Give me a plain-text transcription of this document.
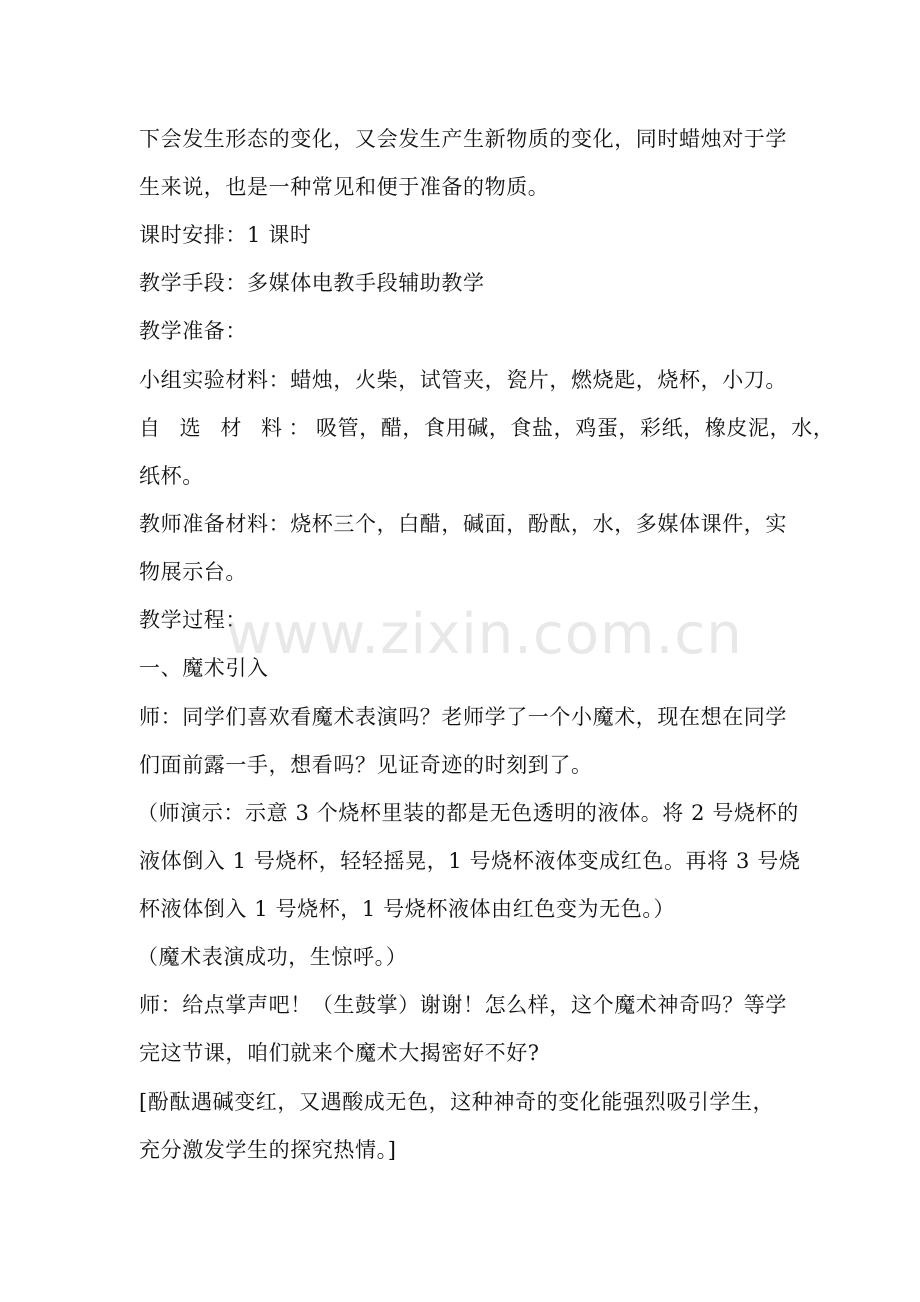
下会发生形态的变化，又会发生产生新物质的变化，同时蜡烛对于学
生来说，也是一种常见和便于准备的物质。
课时安排：1 课时
教学手段：多媒体电教手段辅助教学
教学准备：
小组实验材料：蜡烛，火柴，试管夹，瓷片，燃烧匙，烧杯，小刀。
自 选 材 料：吸管，醋，食用碱，食盐，鸡蛋，彩纸，橡皮泥，水，
纸杯。
教师准备材料：烧杯三个，白醋，碱面，酚酞，水，多媒体课件，实
物展示台。
教学过程：
一、魔术引入
师：同学们喜欢看魔术表演吗？老师学了一个小魔术，现在想在同学
们面前露一手，想看吗？见证奇迹的时刻到了。
（师演示：示意 3 个烧杯里装的都是无色透明的液体。将 2 号烧杯的
液体倒入 1 号烧杯，轻轻摇晃，1 号烧杯液体变成红色。再将 3 号烧
杯液体倒入 1 号烧杯，1 号烧杯液体由红色变为无色。）
（魔术表演成功，生惊呼。）
师：给点掌声吧！（生鼓掌）谢谢！怎么样，这个魔术神奇吗？等学
完这节课，咱们就来个魔术大揭密好不好?
[酚酞遇碱变红，又遇酸成无色，这种神奇的变化能强烈吸引学生，
充分激发学生的探究热情。]
www.zixin.com.cn
